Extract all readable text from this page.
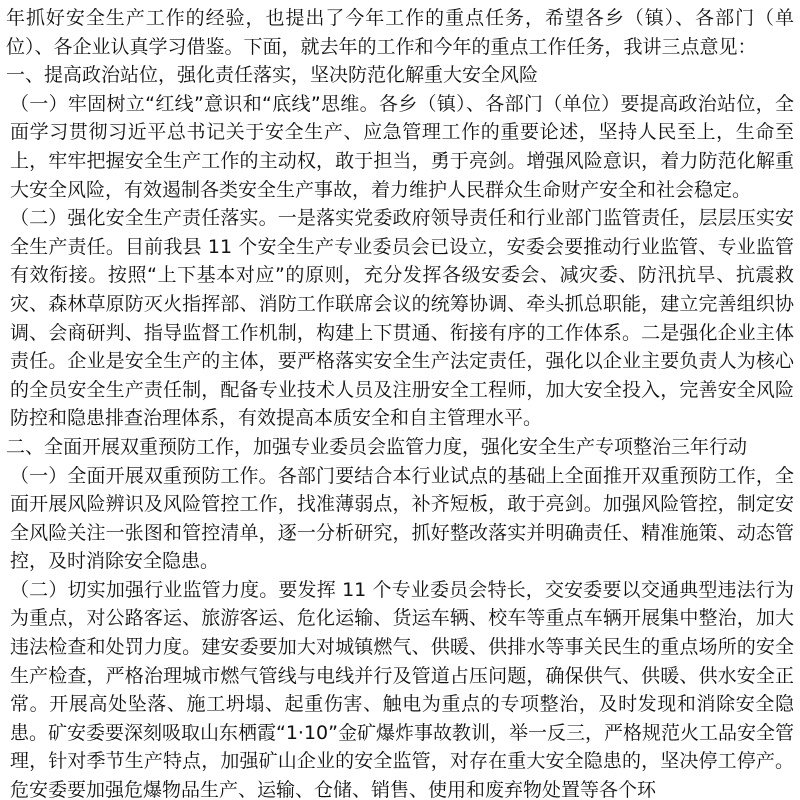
年抓好安全生产工作的经验，也提出了今年工作的重点任务，希望各乡（镇）、各部门（单位）、各企业认真学习借鉴。下面，就去年的工作和今年的重点工作任务，我讲三点意见：

一、提高政治站位，强化责任落实，坚决防范化解重大安全风险

（一）牢固树立“红线”意识和“底线”思维。各乡（镇）、各部门（单位）要提高政治站位，全面学习贯彻习近平总书记关于安全生产、应急管理工作的重要论述，坚持人民至上，生命至上，牢牢把握安全生产工作的主动权，敢于担当，勇于亮剑。增强风险意识，着力防范化解重大安全风险，有效遏制各类安全生产事故，着力维护人民群众生命财产安全和社会稳定。

（二）强化安全生产责任落实。一是落实党委政府领导责任和行业部门监管责任，层层压实安全生产责任。目前我县 11 个安全生产专业委员会已设立，安委会要推动行业监管、专业监管有效衔接。按照“上下基本对应”的原则，充分发挥各级安委会、减灾委、防汛抗旱、抗震救灾、森林草原防灭火指挥部、消防工作联席会议的统筹协调、牵头抓总职能，建立完善组织协调、会商研判、指导监督工作机制，构建上下贯通、衔接有序的工作体系。二是强化企业主体责任。企业是安全生产的主体，要严格落实安全生产法定责任，强化以企业主要负责人为核心的全员安全生产责任制，配备专业技术人员及注册安全工程师，加大安全投入，完善安全风险防控和隐患排查治理体系，有效提高本质安全和自主管理水平。

二、全面开展双重预防工作，加强专业委员会监管力度，强化安全生产专项整治三年行动

（一）全面开展双重预防工作。各部门要结合本行业试点的基础上全面推开双重预防工作，全面开展风险辨识及风险管控工作，找准薄弱点，补齐短板，敢于亮剑。加强风险管控，制定安全风险关注一张图和管控清单，逐一分析研究，抓好整改落实并明确责任、精准施策、动态管控，及时消除安全隐患。

（二）切实加强行业监管力度。要发挥 11 个专业委员会特长，交安委要以交通典型违法行为为重点，对公路客运、旅游客运、危化运输、货运车辆、校车等重点车辆开展集中整治，加大违法检查和处罚力度。建安委要加大对城镇燃气、供暖、供排水等事关民生的重点场所的安全生产检查，严格治理城市燃气管线与电线并行及管道占压问题，确保供气、供暖、供水安全正常。开展高处坠落、施工坍塌、起重伤害、触电为重点的专项整治，及时发现和消除安全隐患。矿安委要深刻吸取山东栖霞“1·10”金矿爆炸事故教训，举一反三，严格规范火工品安全管理，针对季节生产特点，加强矿山企业的安全监管，对存在重大安全隐患的，坚决停工停产。危安委要加强危爆物品生产、运输、仓储、销售、使用和废弃物处置等各个环
